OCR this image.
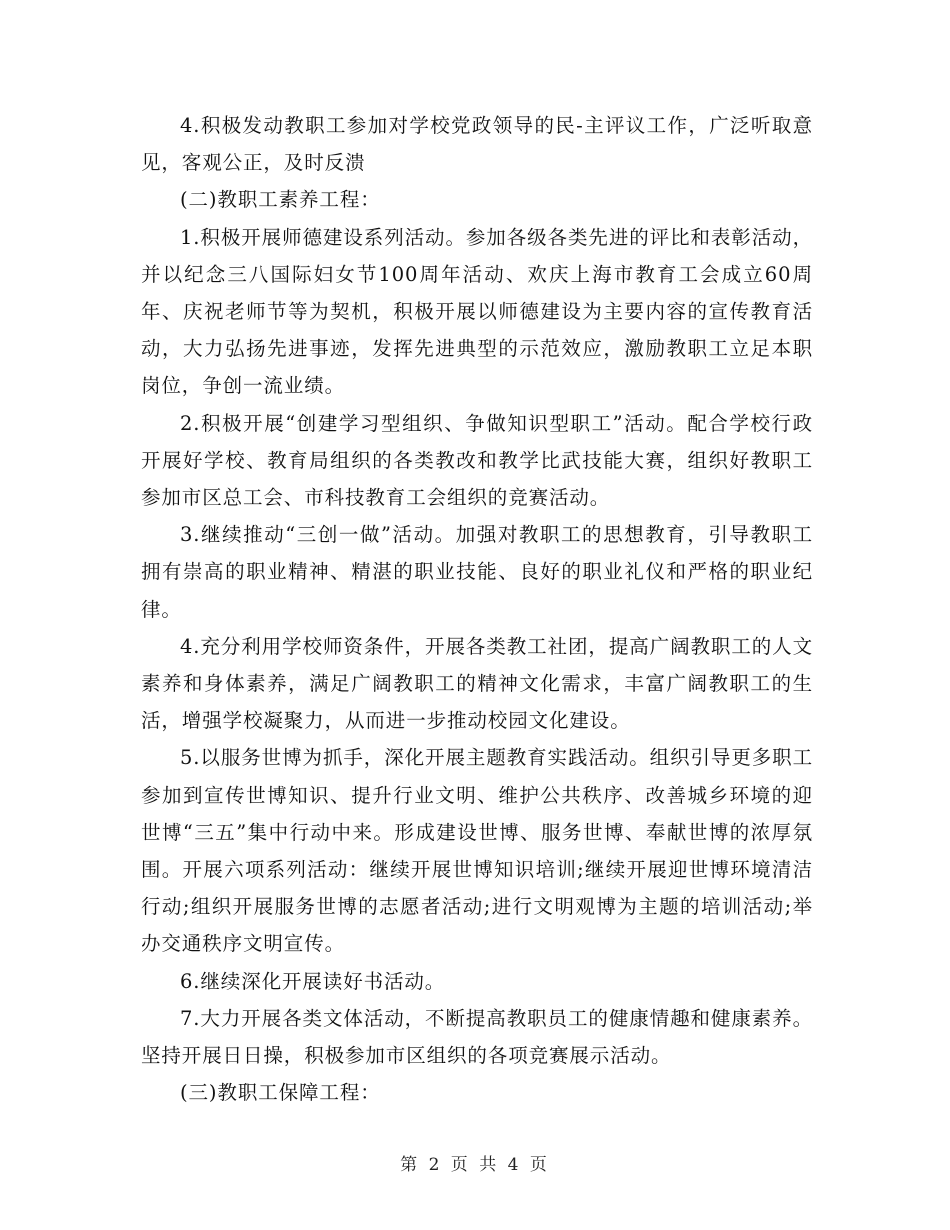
4.积极发动教职工参加对学校党政领导的民-主评议工作，广泛听取意见，客观公正，及时反溃

(二)教职工素养工程：

1.积极开展师德建设系列活动。参加各级各类先进的评比和表彰活动，并以纪念三八国际妇女节100周年活动、欢庆上海市教育工会成立60周年、庆祝老师节等为契机，积极开展以师德建设为主要内容的宣传教育活动，大力弘扬先进事迹，发挥先进典型的示范效应，激励教职工立足本职岗位，争创一流业绩。

2.积极开展“创建学习型组织、争做知识型职工”活动。配合学校行政开展好学校、教育局组织的各类教改和教学比武技能大赛，组织好教职工参加市区总工会、市科技教育工会组织的竞赛活动。

3.继续推动“三创一做”活动。加强对教职工的思想教育，引导教职工拥有崇高的职业精神、精湛的职业技能、良好的职业礼仪和严格的职业纪律。

4.充分利用学校师资条件，开展各类教工社团，提高广阔教职工的人文素养和身体素养，满足广阔教职工的精神文化需求，丰富广阔教职工的生活，增强学校凝聚力，从而进一步推动校园文化建设。

5.以服务世博为抓手，深化开展主题教育实践活动。组织引导更多职工参加到宣传世博知识、提升行业文明、维护公共秩序、改善城乡环境的迎世博“三五”集中行动中来。形成建设世博、服务世博、奉献世博的浓厚氛围。开展六项系列活动：继续开展世博知识培训;继续开展迎世博环境清洁行动;组织开展服务世博的志愿者活动;进行文明观博为主题的培训活动;举办交通秩序文明宣传。

6.继续深化开展读好书活动。

7.大力开展各类文体活动，不断提高教职员工的健康情趣和健康素养。坚持开展日日操，积极参加市区组织的各项竞赛展示活动。

(三)教职工保障工程：

第 2 页 共 4 页
